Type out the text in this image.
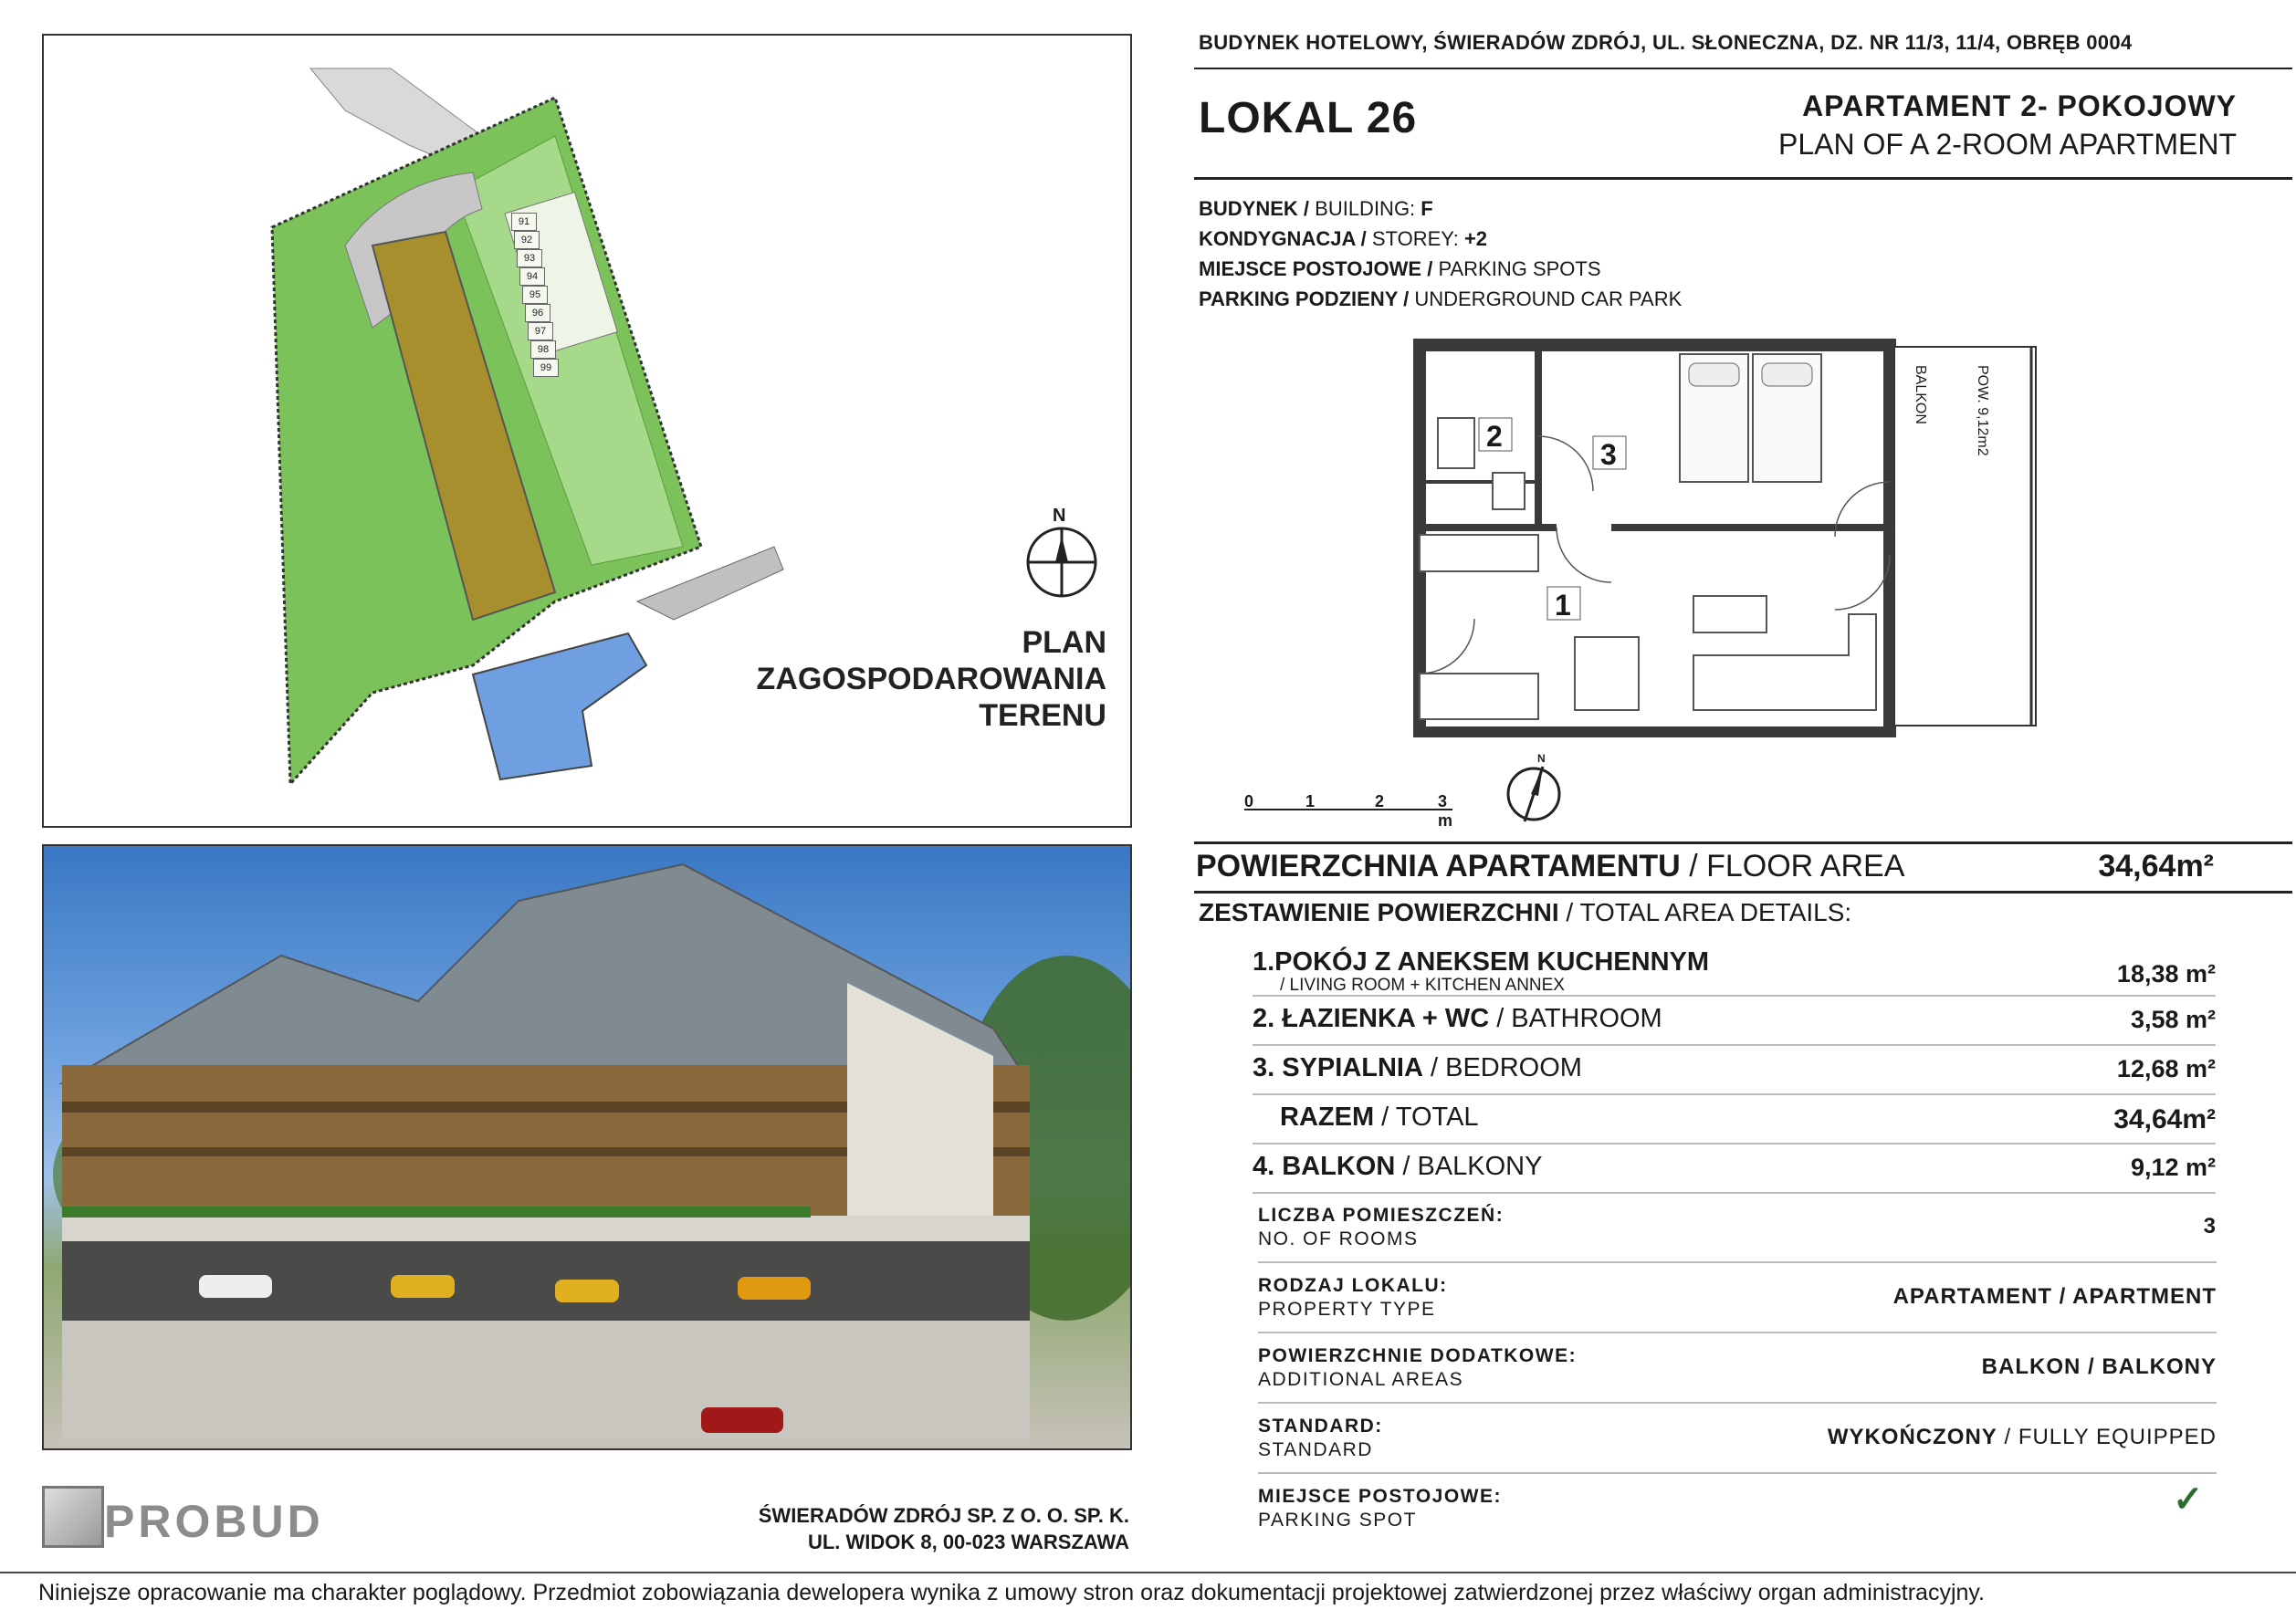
91
92
93
94
95
96
97
98
99
N
PLAN
ZAGOSPODAROWANIA
TERENU
PROBUD	ŚWIERADÓW ZDRÓJ SP. Z O. O. SP. K.
UL. WIDOK 8, 00-023 WARSZAWA
BUDYNEK HOTELOWY, ŚWIERADÓW ZDRÓJ, UL. SŁONECZNA, DZ. NR 11/3, 11/4, OBRĘB 0004
LOKAL 26	APARTAMENT 2- POKOJOWY
PLAN OF A 2-ROOM APARTMENT
BUDYNEK / BUILDING: F
KONDYGNACJA / STOREY: +2
MIEJSCE POSTOJOWE / PARKING SPOTS
PARKING PODZIENY / UNDERGROUND CAR PARK
2
3
1
BALKON	POW. 9,12m2
0	1	2	3 m
N
POWIERZCHNIA APARTAMENTU / FLOOR AREA	34,64m²
ZESTAWIENIE POWIERZCHNI / TOTAL AREA DETAILS:
1.POKÓJ Z ANEKSEM KUCHENNYM
/ LIVING ROOM + KITCHEN ANNEX	18,38 m²
2. ŁAZIENKA + WC / BATHROOM	3,58 m²
3. SYPIALNIA / BEDROOM	12,68 m²
RAZEM / TOTAL	34,64m²
4. BALKON / BALKONY	9,12 m²
LICZBA POMIESZCZEŃ:
NO. OF ROOMS
3
RODZAJ LOKALU:
PROPERTY TYPE
APARTAMENT / APARTMENT
POWIERZCHNIE DODATKOWE:
ADDITIONAL AREAS
BALKON / BALKONY
STANDARD:
STANDARD
WYKOŃCZONY / FULLY EQUIPPED
MIEJSCE POSTOJOWE:
PARKING SPOT
✓
Niniejsze opracowanie ma charakter poglądowy. Przedmiot zobowiązania dewelopera wynika z umowy stron oraz dokumentacji projektowej zatwierdzonej przez właściwy organ administracyjny.
